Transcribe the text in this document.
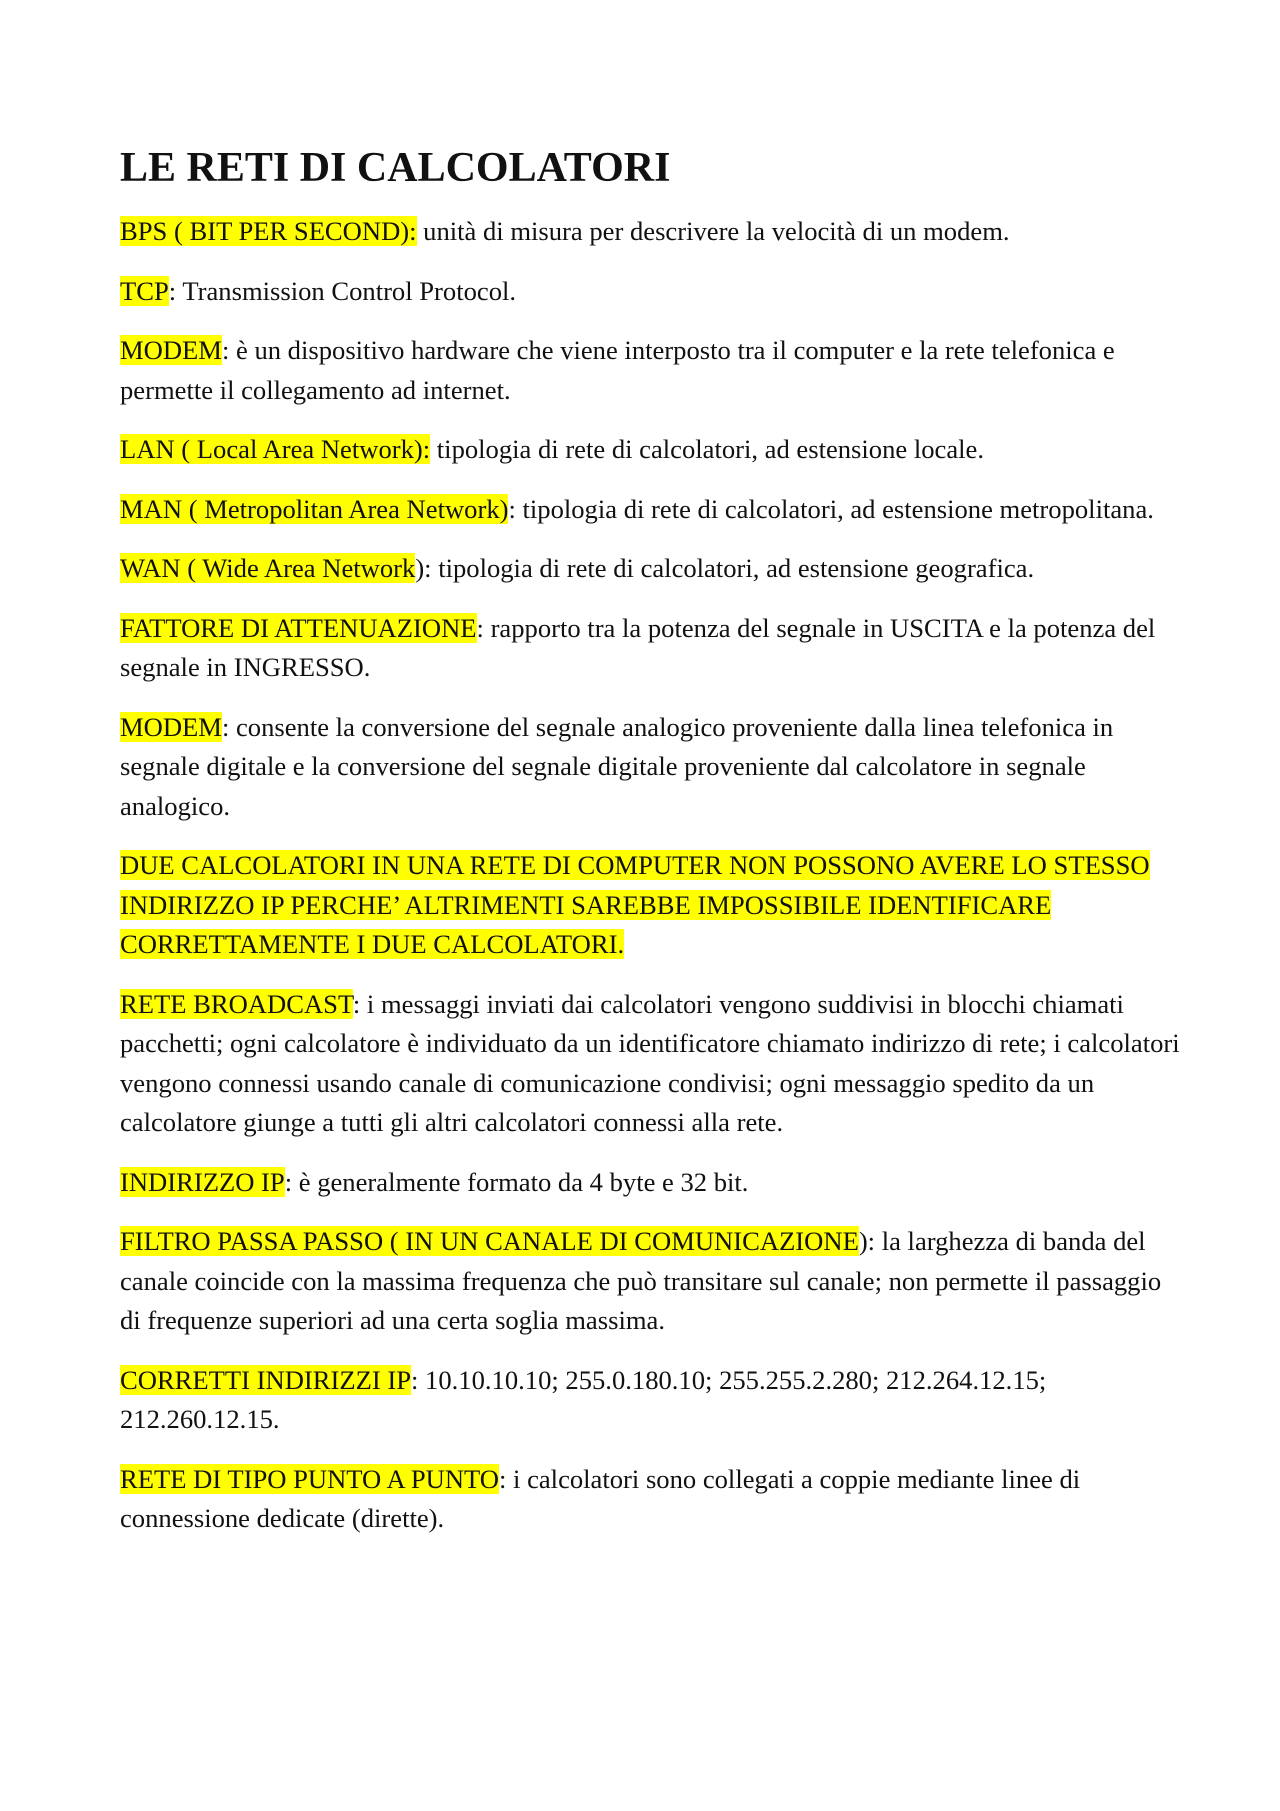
LE RETI DI CALCOLATORI

BPS ( BIT PER SECOND): unità di misura per descrivere la velocità di un modem.

TCP: Transmission Control Protocol.

MODEM: è un dispositivo hardware che viene interposto tra il computer e la rete telefonica e permette il collegamento ad internet.

LAN ( Local Area Network): tipologia di rete di calcolatori, ad estensione locale.

MAN ( Metropolitan Area Network): tipologia di rete di calcolatori, ad estensione metropolitana.

WAN ( Wide Area Network): tipologia di rete di calcolatori, ad estensione geografica.

FATTORE DI ATTENUAZIONE: rapporto tra la potenza del segnale in USCITA e la potenza del segnale in INGRESSO.

MODEM: consente la conversione del segnale analogico proveniente dalla linea telefonica in segnale digitale e la conversione del segnale digitale proveniente dal calcolatore in segnale analogico.

DUE CALCOLATORI IN UNA RETE DI COMPUTER NON POSSONO AVERE LO STESSO INDIRIZZO IP PERCHE’ ALTRIMENTI SAREBBE IMPOSSIBILE IDENTIFICARE CORRETTAMENTE I DUE CALCOLATORI.

RETE BROADCAST: i messaggi inviati dai calcolatori vengono suddivisi in blocchi chiamati pacchetti; ogni calcolatore è individuato da un identificatore chiamato indirizzo di rete; i calcolatori vengono connessi usando canale di comunicazione condivisi; ogni messaggio spedito da un calcolatore giunge a tutti gli altri calcolatori connessi alla rete.

INDIRIZZO IP: è generalmente formato da 4 byte e 32 bit.

FILTRO PASSA PASSO ( IN UN CANALE DI COMUNICAZIONE): la larghezza di banda del canale coincide con la massima frequenza che può transitare sul canale; non permette il passaggio di frequenze superiori ad una certa soglia massima.

CORRETTI INDIRIZZI IP: 10.10.10.10; 255.0.180.10; 255.255.2.280; 212.264.12.15; 212.260.12.15.

RETE DI TIPO PUNTO A PUNTO: i calcolatori sono collegati a coppie mediante linee di connessione dedicate (dirette).
